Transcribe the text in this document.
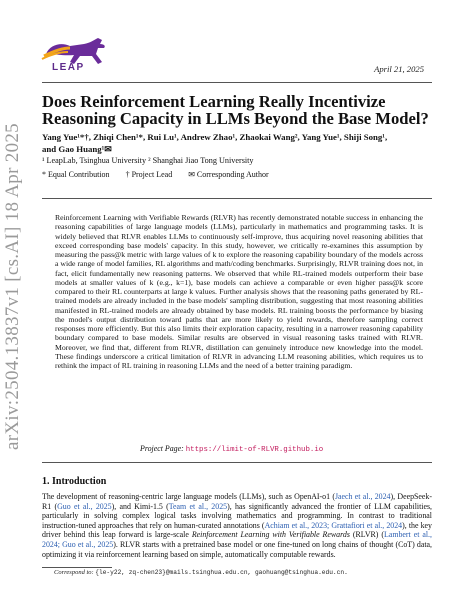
LEAP	April 21, 2025
arXiv:2504.13837v1 [cs.AI] 18 Apr 2025
Does Reinforcement Learning Really Incentivize Reasoning Capacity in LLMs Beyond the Base Model?
Yang Yue¹*†, Zhiqi Chen¹*, Rui Lu¹, Andrew Zhao¹, Zhaokai Wang², Yang Yue¹, Shiji Song¹, and Gao Huang¹✉
¹ LeapLab, Tsinghua University ² Shanghai Jiao Tong University
* Equal Contribution † Project Lead ✉ Corresponding Author
Reinforcement Learning with Verifiable Rewards (RLVR) has recently demonstrated notable success in enhancing the reasoning capabilities of large language models (LLMs), particularly in mathematics and programming tasks. It is widely believed that RLVR enables LLMs to continuously self-improve, thus acquiring novel reasoning abilities that exceed corresponding base models' capacity. In this study, however, we critically re-examines this assumption by measuring the pass@k metric with large values of k to explore the reasoning capability boundary of the models across a wide range of model families, RL algorithms and math/coding benchmarks. Surprisingly, RLVR training does not, in fact, elicit fundamentally new reasoning patterns. We observed that while RL-trained models outperform their base models at smaller values of k (e.g., k=1), base models can achieve a comparable or even higher pass@k score compared to their RL counterparts at large k values. Further analysis shows that the reasoning paths generated by RL-trained models are already included in the base models' sampling distribution, suggesting that most reasoning abilities manifested in RL-trained models are already obtained by base models. RL training boosts the performance by biasing the model's output distribution toward paths that are more likely to yield rewards, therefore sampling correct responses more efficiently. But this also limits their exploration capacity, resulting in a narrower reasoning capability boundary compared to base models. Similar results are observed in visual reasoning tasks trained with RLVR. Moreover, we find that, different from RLVR, distillation can genuinely introduce new knowledge into the model. These findings underscore a critical limitation of RLVR in advancing LLM reasoning abilities, which requires us to rethink the impact of RL training in reasoning LLMs and the need of a better training paradigm.
Project Page: https://limit-of-RLVR.github.io
1. Introduction
The development of reasoning-centric large language models (LLMs), such as OpenAI-o1 (Jaech et al., 2024), DeepSeek-R1 (Guo et al., 2025), and Kimi-1.5 (Team et al., 2025), has significantly advanced the frontier of LLM capabilities, particularly in solving complex logical tasks involving mathematics and programming. In contrast to traditional instruction-tuned approaches that rely on human-curated annotations (Achiam et al., 2023; Grattafiori et al., 2024), the key driver behind this leap forward is large-scale Reinforcement Learning with Verifiable Rewards (RLVR) (Lambert et al., 2024; Guo et al., 2025). RLVR starts with a pretrained base model or one fine-tuned on long chains of thought (CoT) data, optimizing it via reinforcement learning based on simple, automatically computable rewards.
Correspond to: {le-y22, zq-chen23}@mails.tsinghua.edu.cn, gaohuang@tsinghua.edu.cn.
